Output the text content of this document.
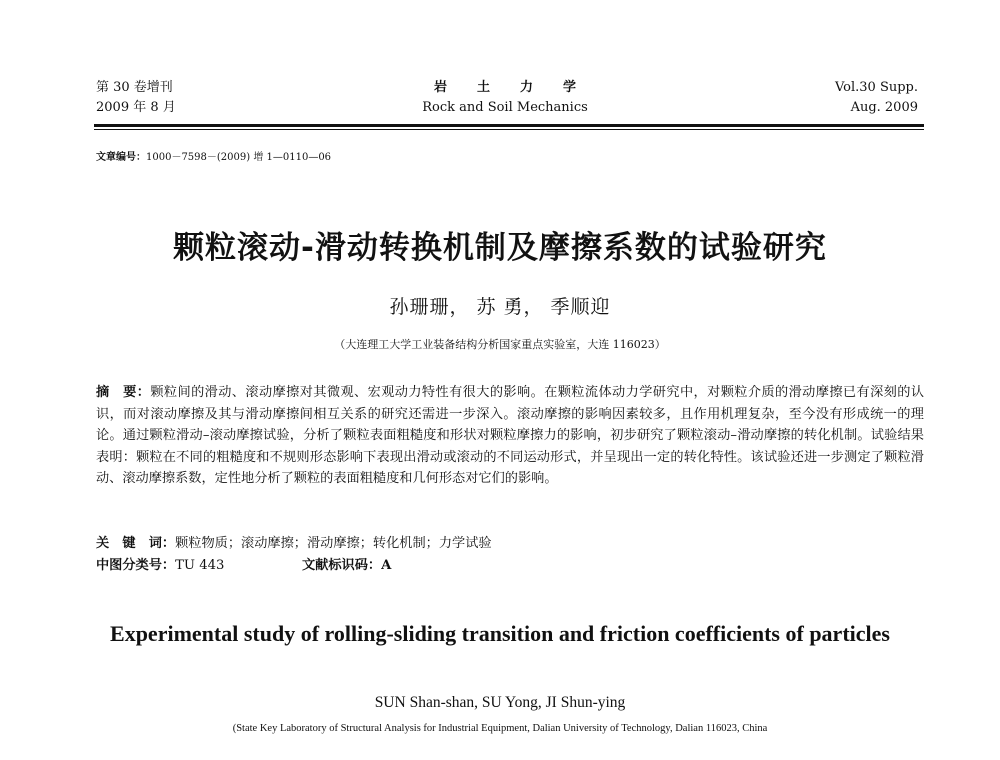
第 30 卷增刊
2009 年 8 月
岩土力学
Rock and Soil Mechanics
Vol.30 Supp.
Aug. 2009
文章编号：1000－7598－(2009) 增 1—0110—06
颗粒滚动-滑动转换机制及摩擦系数的试验研究
孙珊珊， 苏 勇， 季顺迎
（大连理工大学工业装备结构分析国家重点实验室，大连 116023）

摘　要：颗粒间的滑动、滚动摩擦对其微观、宏观动力特性有很大的影响。在颗粒流体动力学研究中，对颗粒介质的滑动摩擦已有深刻的认识，而对滚动摩擦及其与滑动摩擦间相互关系的研究还需进一步深入。滚动摩擦的影响因素较多，且作用机理复杂，至今没有形成统一的理论。通过颗粒滑动–滚动摩擦试验，分析了颗粒表面粗糙度和形状对颗粒摩擦力的影响，初步研究了颗粒滚动–滑动摩擦的转化机制。试验结果表明：颗粒在不同的粗糙度和不规则形态影响下表现出滑动或滚动的不同运动形式，并呈现出一定的转化特性。该试验还进一步测定了颗粒滑动、滚动摩擦系数，定性地分析了颗粒的表面粗糙度和几何形态对它们的影响。

关　键　词：颗粒物质；滚动摩擦；滑动摩擦；转化机制；力学试验
中图分类号：TU 443	文献标识码：A
Experimental study of rolling-sliding transition and friction coefficients of particles
SUN Shan-shan, SU Yong, JI Shun-ying
(State Key Laboratory of Structural Analysis for Industrial Equipment, Dalian University of Technology, Dalian 116023, China
